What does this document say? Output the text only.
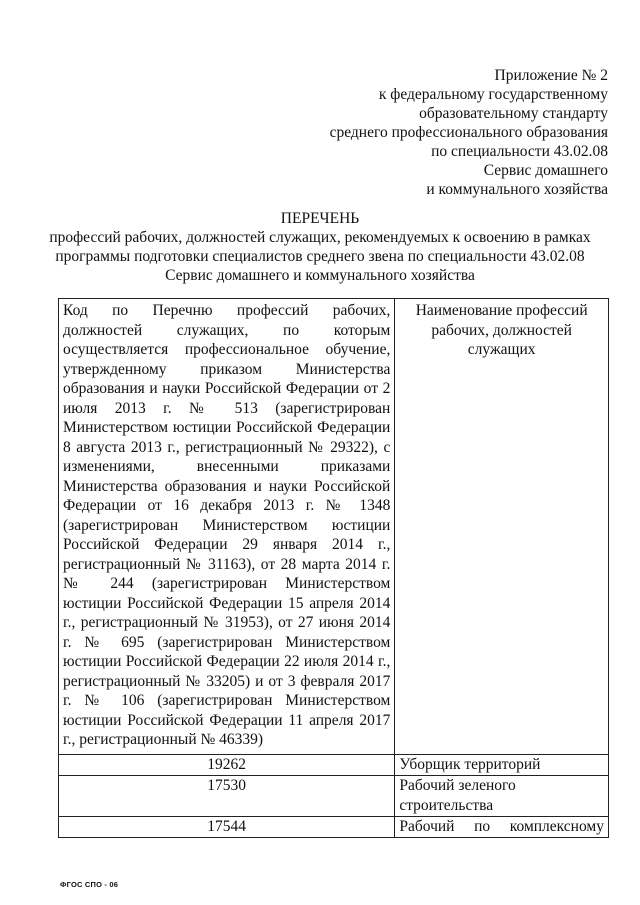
Приложение № 2
к федеральному государственному
образовательному стандарту
среднего профессионального образования
по специальности 43.02.08
Сервис домашнего
и коммунального хозяйства
ПЕРЕЧЕНЬ
профессий рабочих, должностей служащих, рекомендуемых к освоению в рамках программы подготовки специалистов среднего звена по специальности 43.02.08 Сервис домашнего и коммунального хозяйства
Код по Перечню профессий рабочих, должностей служащих, по которым осуществляется профессиональное обучение, утвержденному приказом Министерства образования и науки Российской Федерации от 2 июля 2013 г. № 513 (зарегистрирован Министерством юстиции Российской Федерации 8 августа 2013 г., регистрационный № 29322), с изменениями, внесенными приказами Министерства образования и науки Российской Федерации от 16 декабря 2013 г. № 1348 (зарегистрирован Министерством юстиции Российской Федерации 29 января 2014 г., регистрационный № 31163), от 28 марта 2014 г. № 244 (зарегистрирован Министерством юстиции Российской Федерации 15 апреля 2014 г., регистрационный № 31953), от 27 июня 2014 г. № 695 (зарегистрирован Министерством юстиции Российской Федерации 22 июля 2014 г., регистрационный № 33205) и от 3 февраля 2017 г. № 106 (зарегистрирован Министерством юстиции Российской Федерации 11 апреля 2017 г., регистрационный № 46339)	Наименование профессий рабочих, должностей служащих

19262	Уборщик территорий
17530	Рабочий зеленого строительства
17544	Рабочий по комплексному
ФГОС СПО - 06
